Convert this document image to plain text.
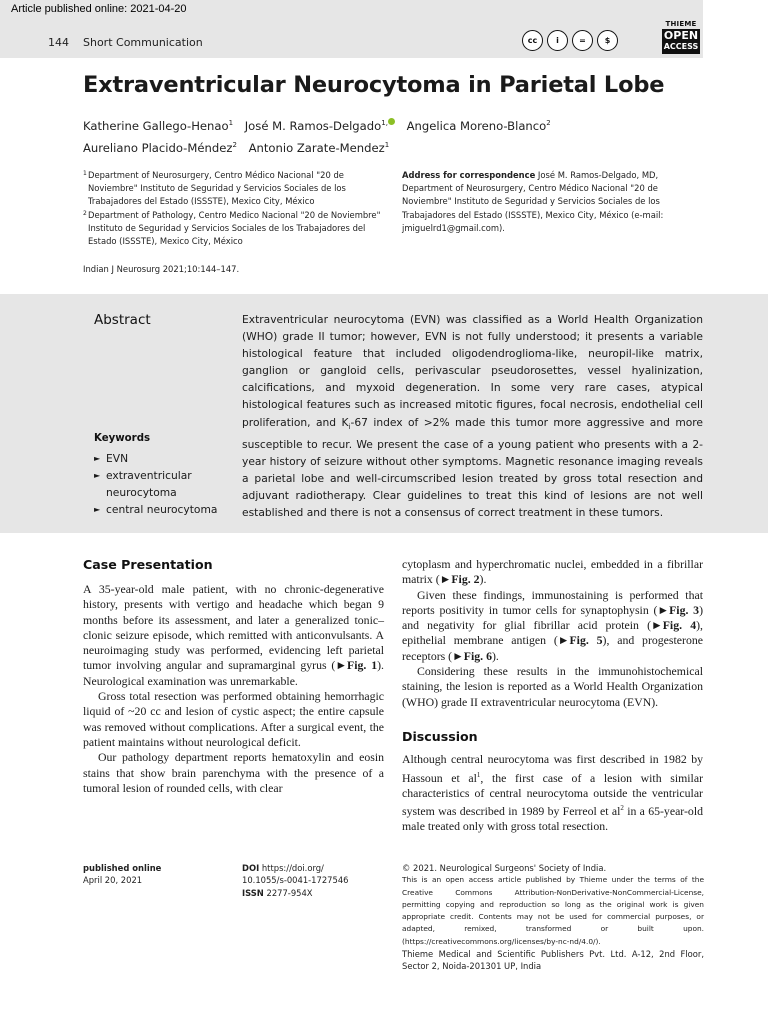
Article published online: 2021-04-20
144 Short Communication	cc	i	=	$
THIEME
OPEN
ACCESS
Extraventricular Neurocytoma in Parietal Lobe
Katherine Gallego-Henao$^1$ José M. Ramos-Delgado$^{1,}$ Angelica Moreno-Blanco$^2$
Aureliano Placido-Méndez$^2$ Antonio Zarate-Mendez$^1$
1 Department of Neurosurgery, Centro Médico Nacional "20 de Noviembre" Instituto de Seguridad y Servicios Sociales de los Trabajadores del Estado (ISSSTE), Mexico City, México
2 Department of Pathology, Centro Medico Nacional "20 de Noviembre" Instituto de Seguridad y Servicios Sociales de los Trabajadores del Estado (ISSSTE), Mexico City, México
Address for correspondence José M. Ramos-Delgado, MD, Department of Neurosurgery, Centro Médico Nacional "20 de Noviembre" Instituto de Seguridad y Servicios Sociales de los Trabajadores del Estado (ISSSTE), Mexico City, México (e-mail: jmiguelrd1@gmail.com).
Indian J Neurosurg 2021;10:144–147.
Abstract	Extraventricular neurocytoma (EVN) was classified as a World Health Organization (WHO) grade II tumor; however, EVN is not fully understood; it presents a variable histological feature that included oligodendroglioma-like, neuropil-like matrix, ganglion or gangloid cells, perivascular pseudorosettes, vessel hyalinization, calcifications, and myxoid degeneration. In some very rare cases, atypical histological features such as increased mitotic figures, focal necrosis, endothelial cell proliferation, and $K_i-67$ index of >2% made this tumor more aggressive and more susceptible to recur. We present the case of a young patient who presents with a 2-year history of seizure without other symptoms. Magnetic resonance imaging reveals a parietal lobe and well-circumscribed lesion treated by gross total resection and adjuvant radiotherapy. Clear guidelines to treat this kind of lesions are not well established and there is not a consensus of correct treatment in these tumors.
Keywords
► EVN
► extraventricular neurocytoma
► central neurocytoma
Case Presentation

A 35-year-old male patient, with no chronic-degenerative history, presents with vertigo and headache which began 9 months before its assessment, and later a generalized tonic–clonic seizure episode, which remitted with anticonvulsants. A neuroimaging study was performed, evidencing left parietal tumor involving angular and supramarginal gyrus (►Fig. 1). Neurological examination was unremarkable.

Gross total resection was performed obtaining hemorrhagic liquid of ~20 cc and lesion of cystic aspect; the entire capsule was removed without complications. After a surgical event, the patient maintains without neurological deficit.

Our pathology department reports hematoxylin and eosin stains that show brain parenchyma with the presence of a tumoral lesion of rounded cells, with clear

cytoplasm and hyperchromatic nuclei, embedded in a fibrillar matrix (►Fig. 2).

Given these findings, immunostaining is performed that reports positivity in tumor cells for synaptophysin (►Fig. 3) and negativity for glial fibrillar acid protein (►Fig. 4), epithelial membrane antigen (►Fig. 5), and progesterone receptors (►Fig. 6).

Considering these results in the immunohistochemical staining, the lesion is reported as a World Health Organization (WHO) grade II extraventricular neurocytoma (EVN).

Discussion

Although central neurocytoma was first described in 1982 by Hassoun et $al^1$, the first case of a lesion with similar characteristics of central neurocytoma outside the ventricular system was described in 1989 by Ferreol et $al^2$ in a 65-year-old male treated only with gross total resection.

published online
April 20, 2021
DOI https://doi.org/
10.1055/s-0041-1727546
ISSN 2277-954X
© 2021. Neurological Surgeons' Society of India.
This is an open access article published by Thieme under the terms of the Creative Commons Attribution-NonDerivative-NonCommercial-License, permitting copying and reproduction so long as the original work is given appropriate credit. Contents may not be used for commercial purposes, or adapted, remixed, transformed or built upon. (https://creativecommons.org/licenses/by-nc-nd/4.0/).
Thieme Medical and Scientific Publishers Pvt. Ltd. A-12, 2nd Floor, Sector 2, Noida-201301 UP, India
